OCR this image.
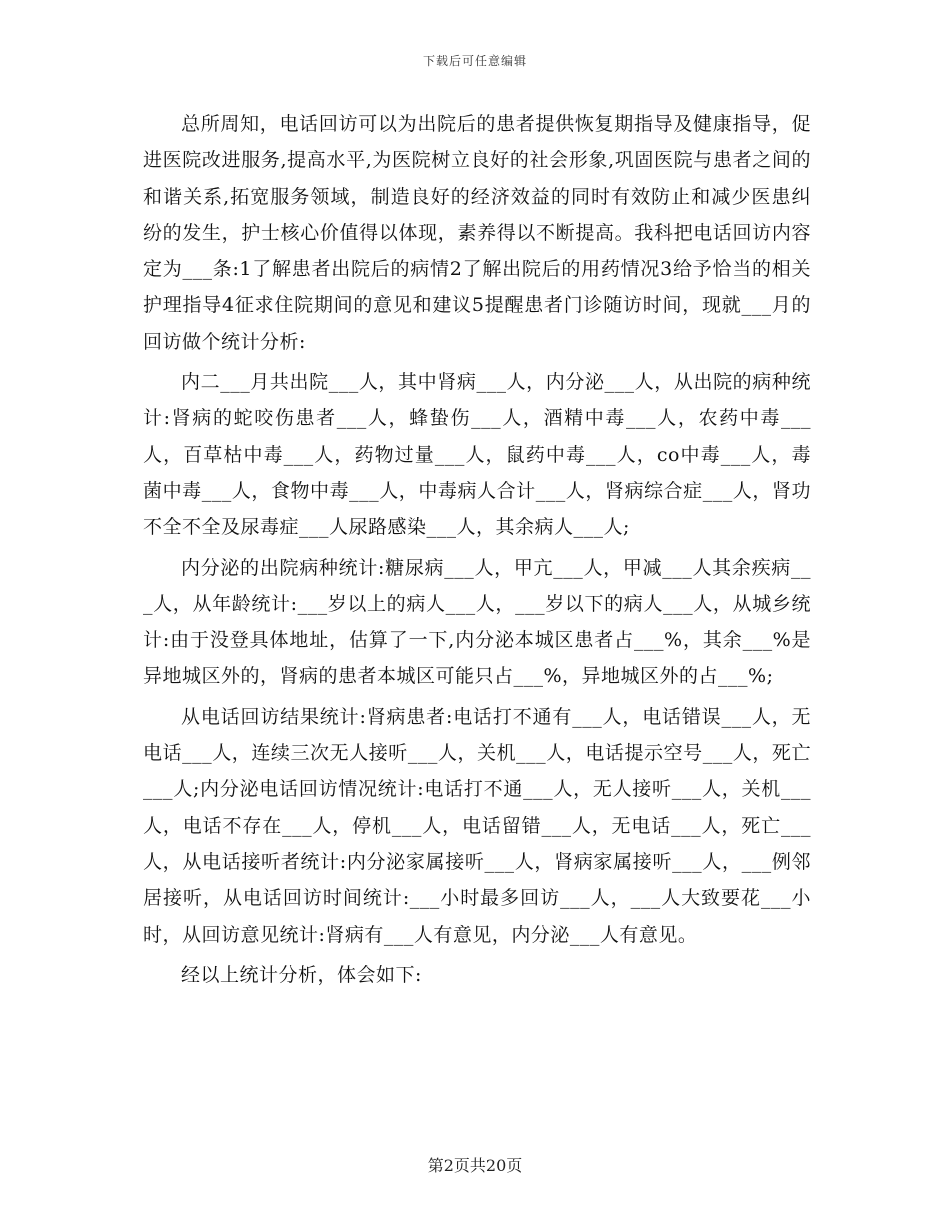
下载后可任意编辑

总所周知，电话回访可以为出院后的患者提供恢复期指导及健康指导，促进医院改进服务,提高水平,为医院树立良好的社会形象,巩固医院与患者之间的和谐关系,拓宽服务领域，制造良好的经济效益的同时有效防止和减少医患纠纷的发生，护士核心价值得以体现，素养得以不断提高。我科把电话回访内容定为___条:1了解患者出院后的病情2了解出院后的用药情况3给予恰当的相关护理指导4征求住院期间的意见和建议5提醒患者门诊随访时间，现就___月的回访做个统计分析:

内二___月共出院___人，其中肾病___人，内分泌___人，从出院的病种统计:肾病的蛇咬伤患者___人，蜂蛰伤___人，酒精中毒___人，农药中毒___人，百草枯中毒___人，药物过量___人，鼠药中毒___人，co中毒___人，毒菌中毒___人，食物中毒___人，中毒病人合计___人，肾病综合症___人，肾功不全不全及尿毒症___人尿路感染___人，其余病人___人;

内分泌的出院病种统计:糖尿病___人，甲亢___人，甲减___人其余疾病___人，从年龄统计:___岁以上的病人___人，___岁以下的病人___人，从城乡统计:由于没登具体地址，估算了一下,内分泌本城区患者占___%，其余___%是异地城区外的，肾病的患者本城区可能只占___%，异地城区外的占___%;

从电话回访结果统计:肾病患者:电话打不通有___人，电话错误___人，无电话___人，连续三次无人接听___人，关机___人，电话提示空号___人，死亡___人;内分泌电话回访情况统计:电话打不通___人，无人接听___人，关机___人，电话不存在___人，停机___人，电话留错___人，无电话___人，死亡___人，从电话接听者统计:内分泌家属接听___人，肾病家属接听___人，___例邻居接听，从电话回访时间统计:___小时最多回访___人，___人大致要花___小时，从回访意见统计:肾病有___人有意见，内分泌___人有意见。

经以上统计分析，体会如下:

第2页共20页
